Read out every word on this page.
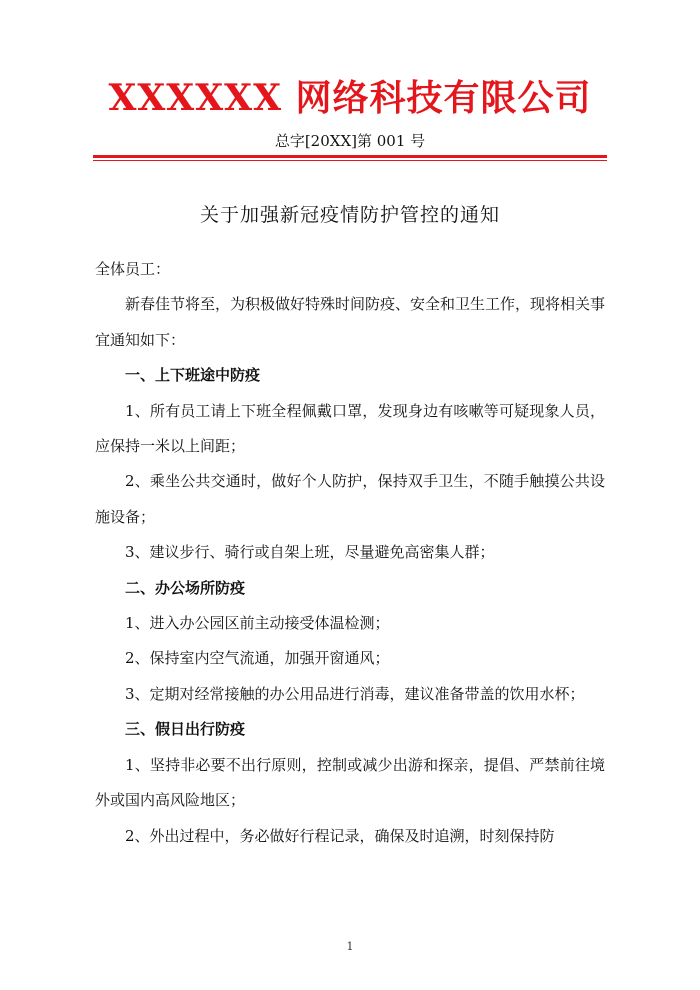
XXXXXX 网络科技有限公司
总字[20XX]第 001 号
关于加强新冠疫情防护管控的通知

全体员工：

新春佳节将至，为积极做好特殊时间防疫、安全和卫生工作，现将相关事宜通知如下：

一、上下班途中防疫

1、所有员工请上下班全程佩戴口罩，发现身边有咳嗽等可疑现象人员，应保持一米以上间距；

2、乘坐公共交通时，做好个人防护，保持双手卫生，不随手触摸公共设施设备；

3、建议步行、骑行或自架上班，尽量避免高密集人群；

二、办公场所防疫

1、进入办公园区前主动接受体温检测；

2、保持室内空气流通，加强开窗通风；

3、定期对经常接触的办公用品进行消毒，建议准备带盖的饮用水杯；

三、假日出行防疫

1、坚持非必要不出行原则，控制或减少出游和探亲，提倡、严禁前往境外或国内高风险地区；

2、外出过程中，务必做好行程记录，确保及时追溯，时刻保持防

1
